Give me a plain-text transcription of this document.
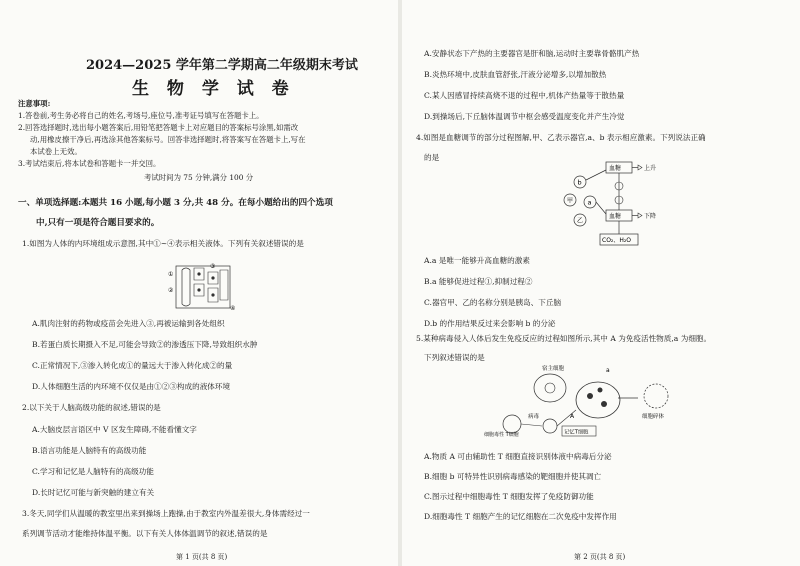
2024—2025 学年第二学期高二年级期末考试
生 物 学 试 卷
注意事项:
1.答卷前,考生务必将自己的姓名,考场号,座位号,准考证号填写在答题卡上。
2.回答选择题时,选出每小题答案后,用铅笔把答题卡上对应题目的答案标号涂黑,如需改
动,用橡皮擦干净后,再选涂其他答案标号。回答非选择题时,将答案写在答题卡上,写在
本试卷上无效。
3.考试结束后,将本试卷和答题卡一并交回。
考试时间为 75 分钟,满分 100 分
一、单项选择题:本题共 16 小题,每小题 3 分,共 48 分。在每小题给出的四个选项
中,只有一项是符合题目要求的。
1.如图为人体的内环境组成示意图,其中①~④表示相关液体。下列有关叙述错误的是
①
②
③
④
A.肌肉注射的药物或疫苗会先进入③,再被运输到各处组织
B.若蛋白质长期摄入不足,可能会导致②的渗透压下降,导致组织水肿
C.正常情况下,③渗入转化成①的量远大于渗入转化成②的量
D.人体细胞生活的内环境不仅仅是由①②③构成的液体环境
2.以下关于人脑高级功能的叙述,错误的是
A.大脑皮层言语区中 V 区发生障碍,不能看懂文字
B.语言功能是人脑特有的高级功能
C.学习和记忆是人脑特有的高级功能
D.长时记忆可能与新突触的建立有关
3.冬天,同学们从温暖的教室里出来到操场上跑操,由于教室内外温差很大,身体需经过一
系列调节活动才能维持体温平衡。以下有关人体体温调节的叙述,错误的是
第 1 页(共 8 页)
A.安静状态下产热的主要器官是肝和脑,运动时主要靠骨骼肌产热
B.炎热环境中,皮肤血管舒张,汗液分泌增多,以增加散热
C.某人因感冒持续高烧不退的过程中,机体产热量等于散热量
D.到操场后,下丘脑体温调节中枢会感受温度变化并产生冷觉
4.如图是血糖调节的部分过程图解,甲、乙表示器官,a、b 表示相应激素。下列说法正确
的是
血糖	上升
血糖	下降
b
甲 a
乙
CO₂、H₂O
A.a 是唯一能够升高血糖的激素
B.a 能够促进过程①,抑制过程②
C.器官甲、乙的名称分别是胰岛、下丘脑
D.b 的作用结果反过来会影响 b 的分泌
5.某种病毒侵入人体后发生免疫反应的过程如图所示,其中 A 为免疫活性物质,a 为细胞。
下列叙述错误的是
宿主细胞	a
细胞碎体
病毒
细胞毒性 T细胞
A
记忆T细胞
A.物质 A 可由辅助性 T 细胞直接识别体液中病毒后分泌
B.细胞 b 可特异性识别病毒感染的靶细胞并使其凋亡
C.图示过程中细胞毒性 T 细胞发挥了免疫防御功能
D.细胞毒性 T 细胞产生的记忆细胞在二次免疫中发挥作用
第 2 页(共 8 页)
